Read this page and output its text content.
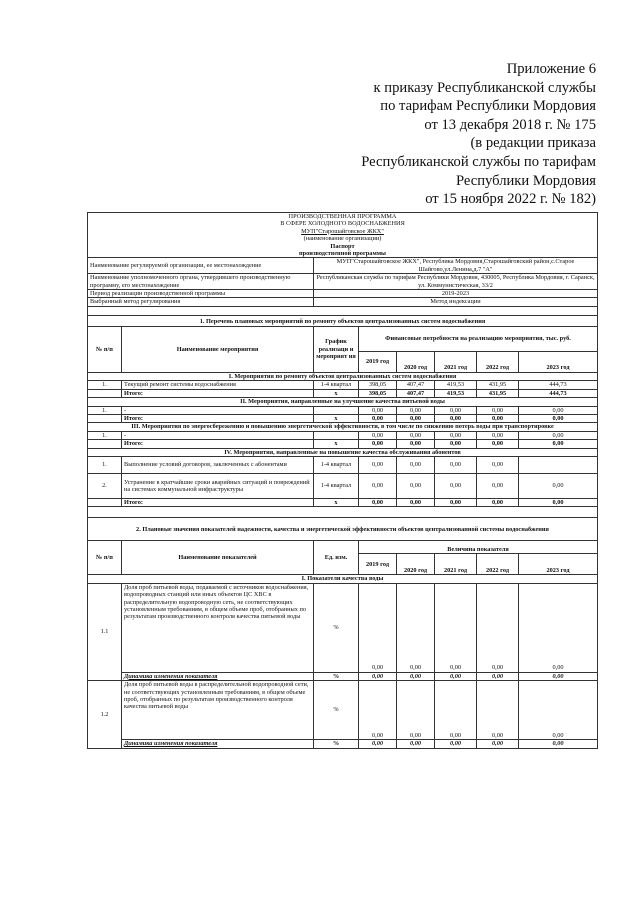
Приложение 6
к приказу Республиканской службы
по тарифам Республики Мордовия
от 13 декабря 2018 г. № 175
(в редакции приказа
Республиканской службы по тарифам
Республики Мордовия
от 15 ноября 2022 г. № 182)
ПРОИЗВОДСТВЕННАЯ ПРОГРАММА							
В СФЕРЕ ХОЛОДНОГО ВОДОСНАБЖЕНИЯ							
МУП"Старошайговское ЖКХ"							
(наименование организации)							
Паспорт							
производственной программы							
Наименование регулируемой организации, ее местонахождение		МУП"Старошайговское ЖКХ", Республика Мордовия,Старошайговский район,с.Старое Шайгово,ул.Ленина,д.7 "А"					
Наименование уполномоченного органа, утвердившего производственную программу, его местонахождение		Республиканская служба по тарифам Республики Мордовия, 430005, Республика Мордовия, г. Саранск, ул. Коммунистическая, 33/2					
Период реализации производственной программы		2019-2023					
Выбранный метод регулирования		Метод индексации					

1. Перечень плановых мероприятий по ремонту объектов централизованных систем водоснабжения							
№ п/п	Наименование мероприятия	График реализаци и мероприят ия	Финансовые потребности на реализацию мероприятия, тыс. руб.				
			2019 год	2020 год	2021 год	2022 год	2023 год
I. Мероприятия по ремонту объектов централизованных систем водоснабжения							
1.	Текущий ремонт системы водоснабжения	1-4 квартал	398,05	407,47	419,53	431,95	444,73
	Итого:	x	398,05	407,47	419,53	431,95	444,73
II. Мероприятия, направленные на улучшение качества питьевой воды							
1.	-		0,00	0,00	0,00	0,00	0,00
	Итого:	x	0,00	0,00	0,00	0,00	0,00
III. Мероприятия по энергосбережению и повышению энергетической эффективности, в том числе по снижению потерь воды при транспортировке							
1.	-		0,00	0,00	0,00	0,00	0,00
	Итого:	x	0,00	0,00	0,00	0,00	0,00
IV. Мероприятия, направленные на повышение качества обслуживания абонентов							
1.	Выполнение условий договоров, заключенных с абонентами	1-4 квартал	0,00	0,00	0,00	0,00	
2.	Устранение в кратчайшие сроки аварийных ситуаций и повреждений на системах коммунальной инфраструктуры	1-4 квартал	0,00	0,00	0,00	0,00	0,00
	Итого:	x	0,00	0,00	0,00	0,00	0,00

2. Плановые значения показателей надежности, качества и энергетической эффективности объектов централизованной системы водоснабжения							
№ п/п	Наименование показателей	Ед. изм.	Величина показателя				
			2019 год	2020 год	2021 год	2022 год	2023 год
I. Показатели качества воды							
1.1	Доля проб питьевой воды, подаваемой с источников водоснабжения, водопроводных станций или иных объектов ЦС ХВС в распределительную водопроводную сеть, не соответствующих установленным требованиям, в общем объеме проб, отобранных по результатам производственного контроля качества питьевой воды	%	0,00	0,00	0,00	0,00	0,00
	Динамика изменения показателя	%	0,00	0,00	0,00	0,00	0,00
1.2	Доля проб питьевой воды в распределительной водопроводной сети, не соответствующих установленным требованиям, в общем объеме проб, отобранных по результатам производственного контроля качества питьевой воды	%	0,00	0,00	0,00	0,00	0,00
	Динамика изменения показателя	%	0,00	0,00	0,00	0,00	0,00
